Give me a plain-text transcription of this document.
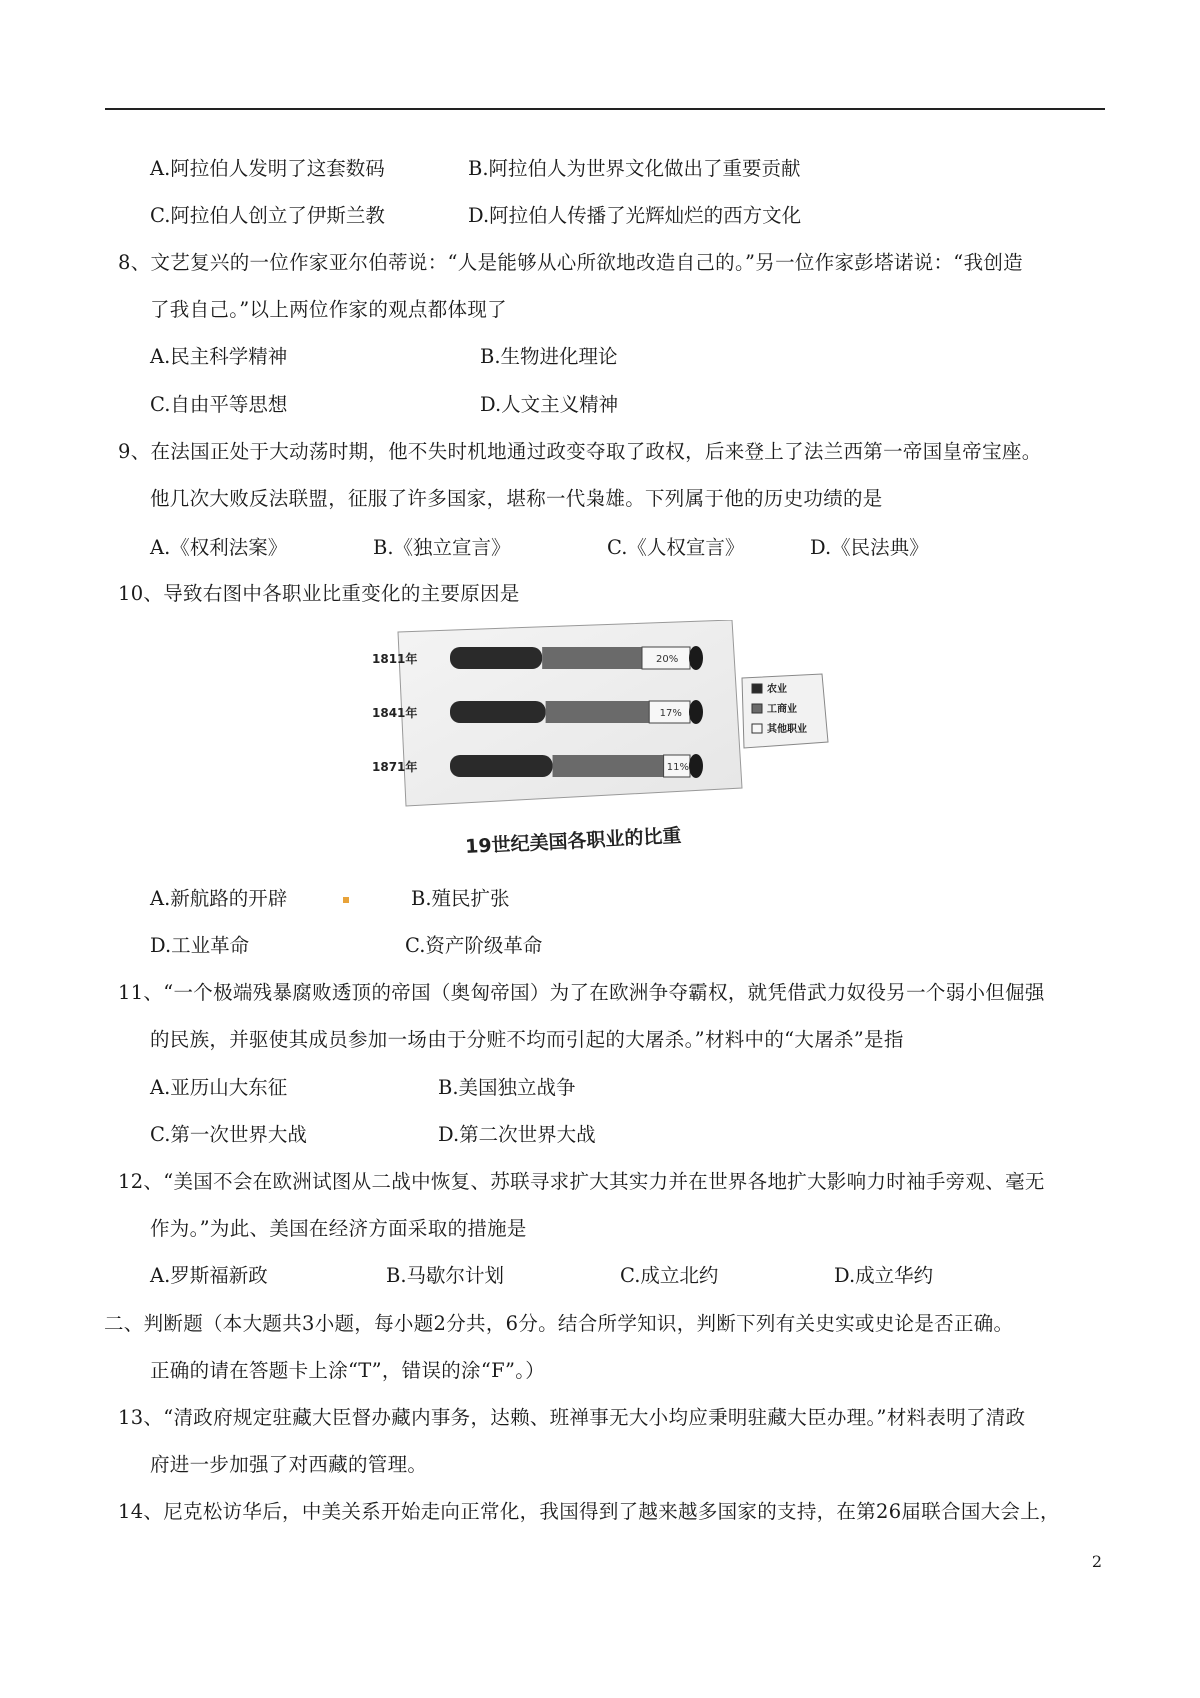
A.阿拉伯人发明了这套数码	B.阿拉伯人为世界文化做出了重要贡献
C.阿拉伯人创立了伊斯兰教	D.阿拉伯人传播了光辉灿烂的西方文化
8、文艺复兴的一位作家亚尔伯蒂说：“人是能够从心所欲地改造自己的。”另一位作家彭塔诺说：“我创造
了我自己。”以上两位作家的观点都体现了
A.民主科学精神	B.生物进化理论
C.自由平等思想	D.人文主义精神
9、在法国正处于大动荡时期，他不失时机地通过政变夺取了政权，后来登上了法兰西第一帝国皇帝宝座。
他几次大败反法联盟，征服了许多国家，堪称一代枭雄。下列属于他的历史功绩的是
A.《权利法案》	B.《独立宣言》	C.《人权宣言》	D.《民法典》
10、导致右图中各职业比重变化的主要原因是
1811年	20%
1841年	17%
1871年	11%
农业
工商业
其他职业
19世纪美国各职业的比重
A.新航路的开辟	B.殖民扩张
D.工业革命	C.资产阶级革命
11、“一个极端残暴腐败透顶的帝国（奥匈帝国）为了在欧洲争夺霸权，就凭借武力奴役另一个弱小但倔强
的民族，并驱使其成员参加一场由于分赃不均而引起的大屠杀。”材料中的“大屠杀”是指
A.亚历山大东征	B.美国独立战争
C.第一次世界大战	D.第二次世界大战
12、“美国不会在欧洲试图从二战中恢复、苏联寻求扩大其实力并在世界各地扩大影响力时袖手旁观、毫无
作为。”为此、美国在经济方面采取的措施是
A.罗斯福新政	B.马歇尔计划	C.成立北约	D.成立华约
二、判断题（本大题共3小题，每小题2分共，6分。结合所学知识，判断下列有关史实或史论是否正确。
正确的请在答题卡上涂“T”，错误的涂“F”。）
13、“清政府规定驻藏大臣督办藏内事务，达赖、班禅事无大小均应秉明驻藏大臣办理。”材料表明了清政
府进一步加强了对西藏的管理。
14、尼克松访华后，中美关系开始走向正常化，我国得到了越来越多国家的支持，在第26届联合国大会上，
2
